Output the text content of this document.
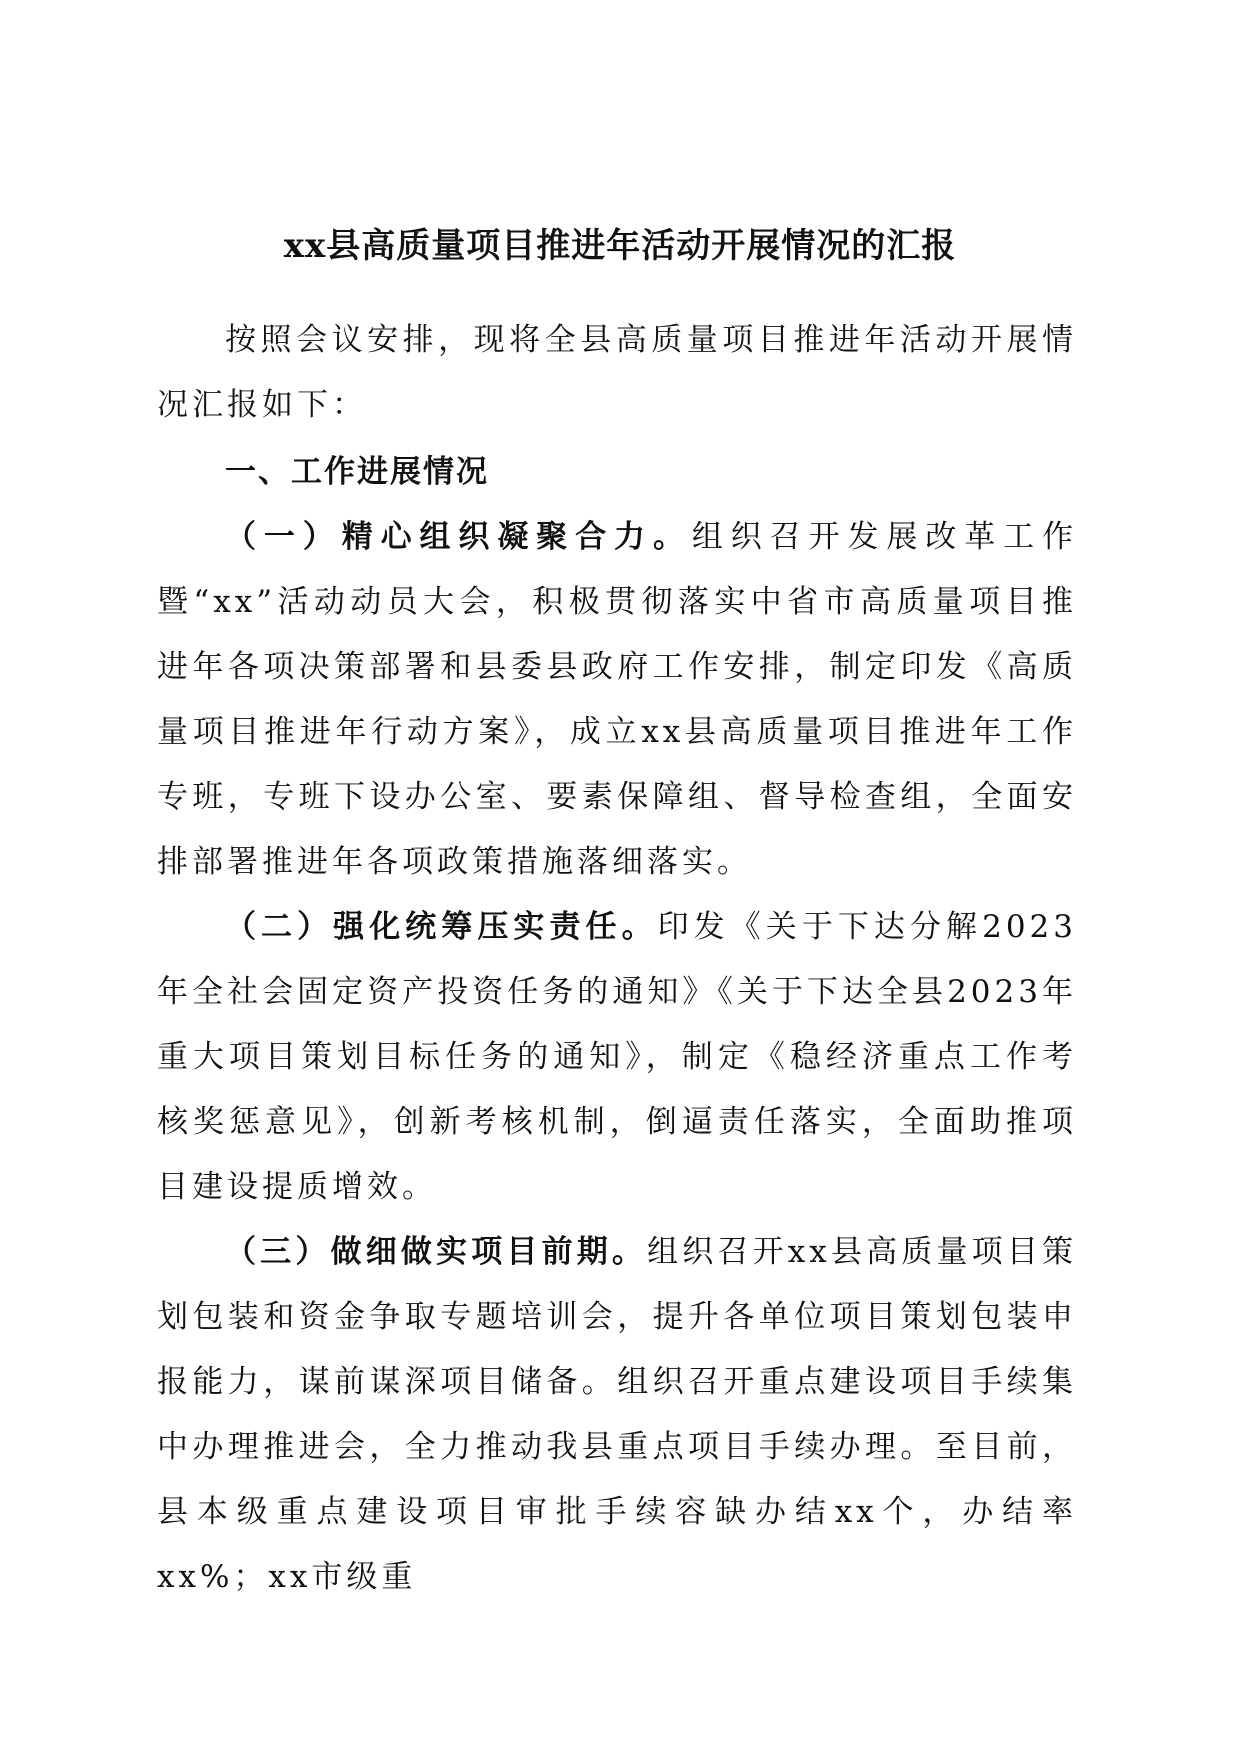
xx县高质量项目推进年活动开展情况的汇报

按照会议安排，现将全县高质量项目推进年活动开展情况汇报如下：

一、工作进展情况

（一）精心组织凝聚合力。组织召开发展改革工作暨“xx”活动动员大会，积极贯彻落实中省市高质量项目推进年各项决策部署和县委县政府工作安排，制定印发《高质量项目推进年行动方案》，成立xx县高质量项目推进年工作专班，专班下设办公室、要素保障组、督导检查组，全面安排部署推进年各项政策措施落细落实。

（二）强化统筹压实责任。印发《关于下达分解2023年全社会固定资产投资任务的通知》《关于下达全县2023年重大项目策划目标任务的通知》，制定《稳经济重点工作考核奖惩意见》，创新考核机制，倒逼责任落实，全面助推项目建设提质增效。

（三）做细做实项目前期。组织召开xx县高质量项目策划包装和资金争取专题培训会，提升各单位项目策划包装申报能力，谋前谋深项目储备。组织召开重点建设项目手续集中办理推进会，全力推动我县重点项目手续办理。至目前，县本级重点建设项目审批手续容缺办结xx个，办结率xx%；xx市级重
